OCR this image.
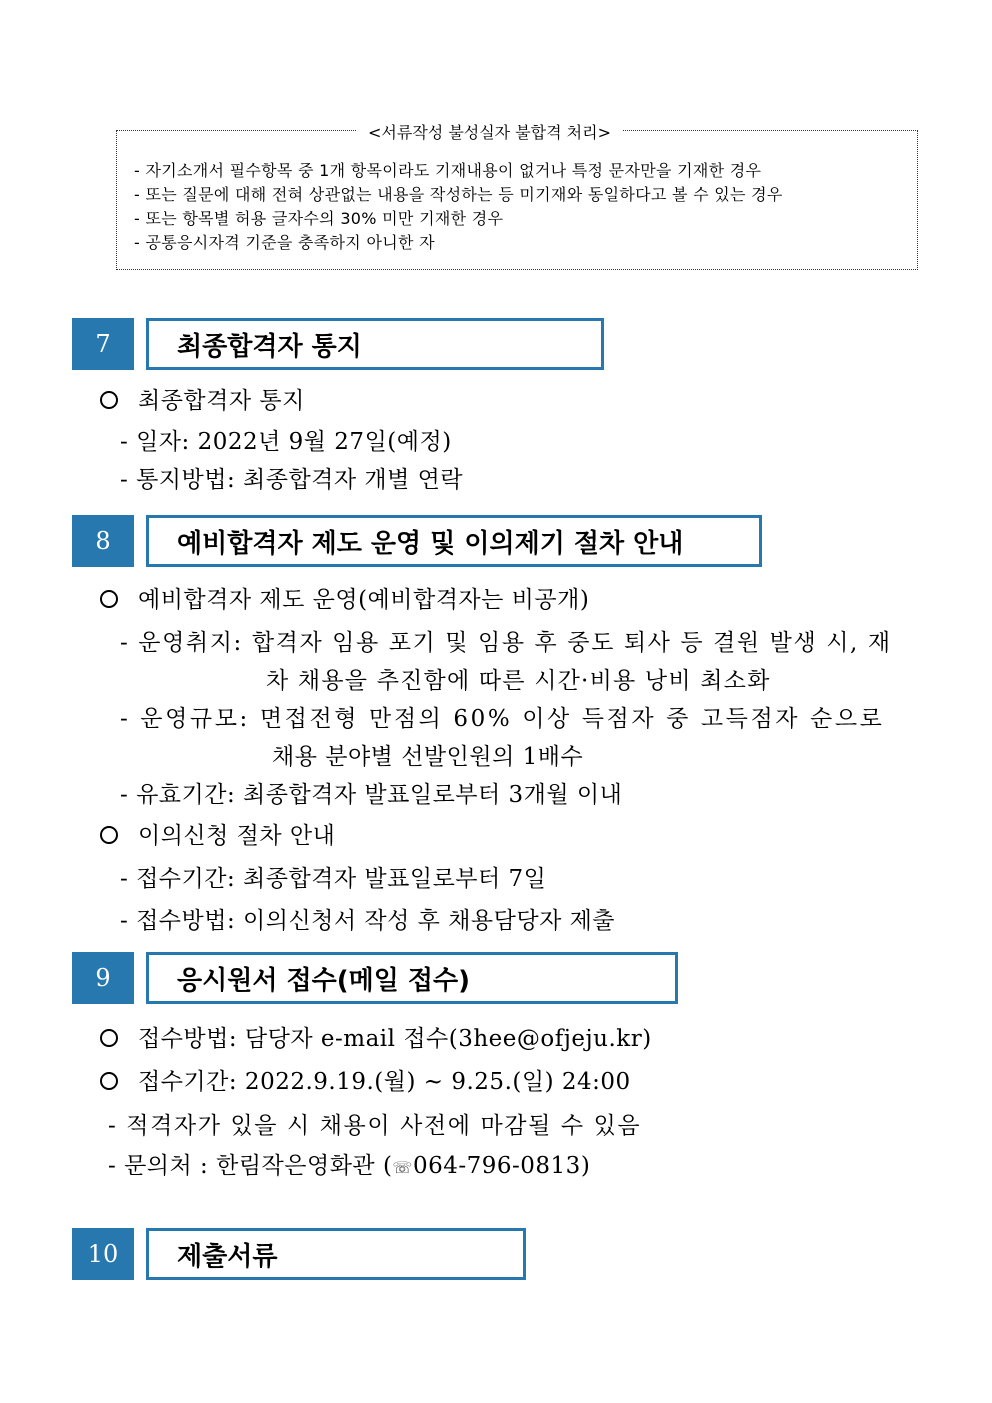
<서류작성 불성실자 불합격 처리>
- 자기소개서 필수항목 중 1개 항목이라도 기재내용이 없거나 특정 문자만을 기재한 경우
- 또는 질문에 대해 전혀 상관없는 내용을 작성하는 등 미기재와 동일하다고 볼 수 있는 경우
- 또는 항목별 허용 글자수의 30% 미만 기재한 경우
- 공통응시자격 기준을 충족하지 아니한 자
7	최종합격자 통지
최종합격자 통지
- 일자: 2022년 9월 27일(예정)
- 통지방법: 최종합격자 개별 연락
8	예비합격자 제도 운영 및 이의제기 절차 안내
예비합격자 제도 운영(예비합격자는 비공개)
- 운영취지: 합격자 임용 포기 및 임용 후 중도 퇴사 등 결원 발생 시, 재
차 채용을 추진함에 따른 시간·비용 낭비 최소화
- 운영규모: 면접전형 만점의 60% 이상 득점자 중 고득점자 순으로
채용 분야별 선발인원의 1배수
- 유효기간: 최종합격자 발표일로부터 3개월 이내
이의신청 절차 안내
- 접수기간: 최종합격자 발표일로부터 7일
- 접수방법: 이의신청서 작성 후 채용담당자 제출
9	응시원서 접수(메일 접수)
접수방법: 담당자 e-mail 접수(3hee@ofjeju.kr)
접수기간: 2022.9.19.(월) ~ 9.25.(일) 24:00
- 적격자가 있을 시 채용이 사전에 마감될 수 있음
- 문의처 : 한림작은영화관 (☏064-796-0813)
10	제출서류
